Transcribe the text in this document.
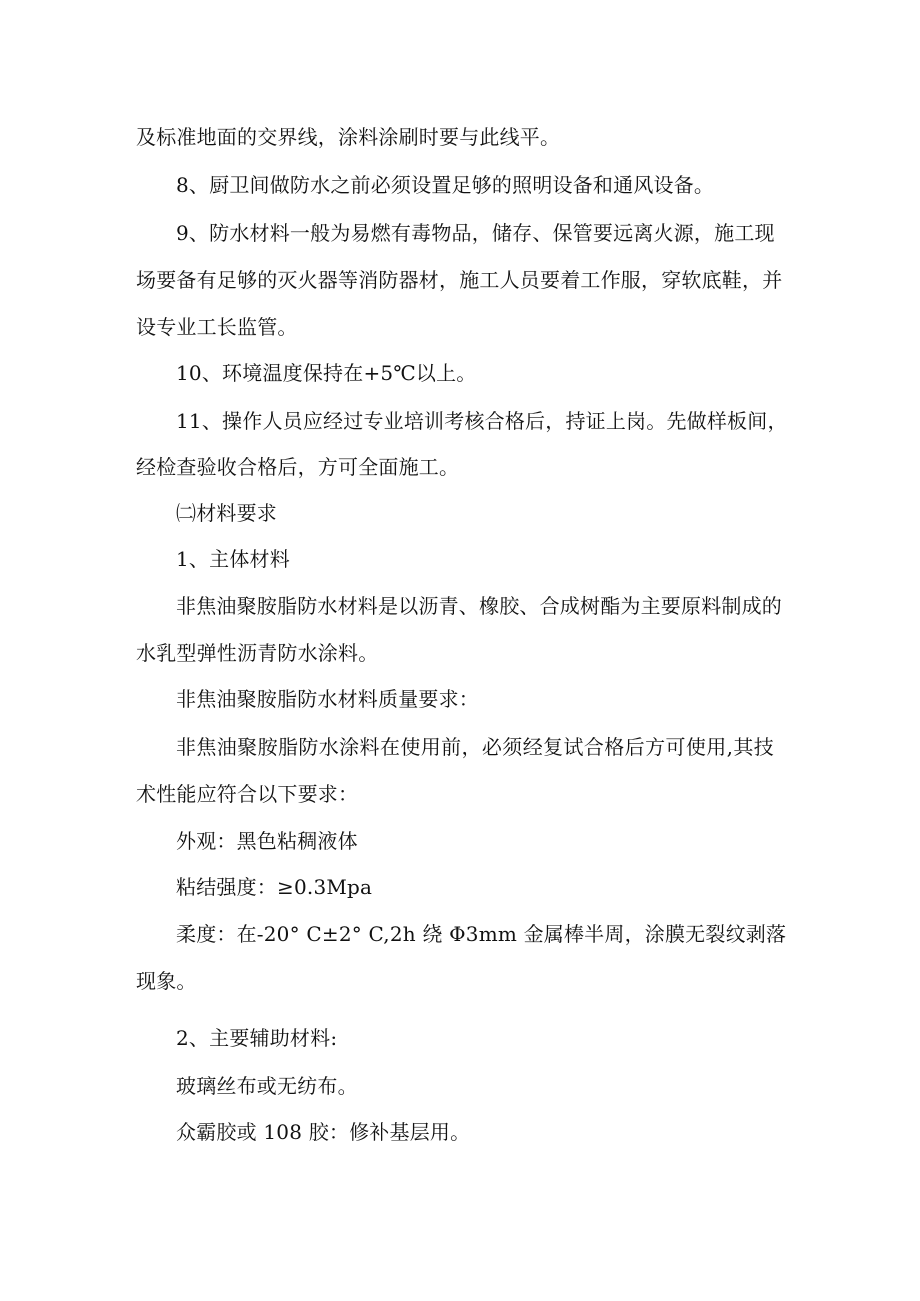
及标准地面的交界线，涂料涂刷时要与此线平。
8、厨卫间做防水之前必须设置足够的照明设备和通风设备。
9、防水材料一般为易燃有毒物品，储存、保管要远离火源，施工现
场要备有足够的灭火器等消防器材，施工人员要着工作服，穿软底鞋，并
设专业工长监管。
10、环境温度保持在+5℃以上。
11、操作人员应经过专业培训考核合格后，持证上岗。先做样板间，
经检查验收合格后，方可全面施工。
㈡材料要求
1、主体材料
非焦油聚胺脂防水材料是以沥青、橡胶、合成树酯为主要原料制成的
水乳型弹性沥青防水涂料。
非焦油聚胺脂防水材料质量要求：
非焦油聚胺脂防水涂料在使用前，必须经复试合格后方可使用,其技
术性能应符合以下要求：
外观：黑色粘稠液体
粘结强度：≥0.3Mpa
柔度：在-20° C±2° C,2h 绕 Φ3mm 金属棒半周，涂膜无裂纹剥落
现象。
2、主要辅助材料:
玻璃丝布或无纺布。
众霸胶或 108 胶：修补基层用。
